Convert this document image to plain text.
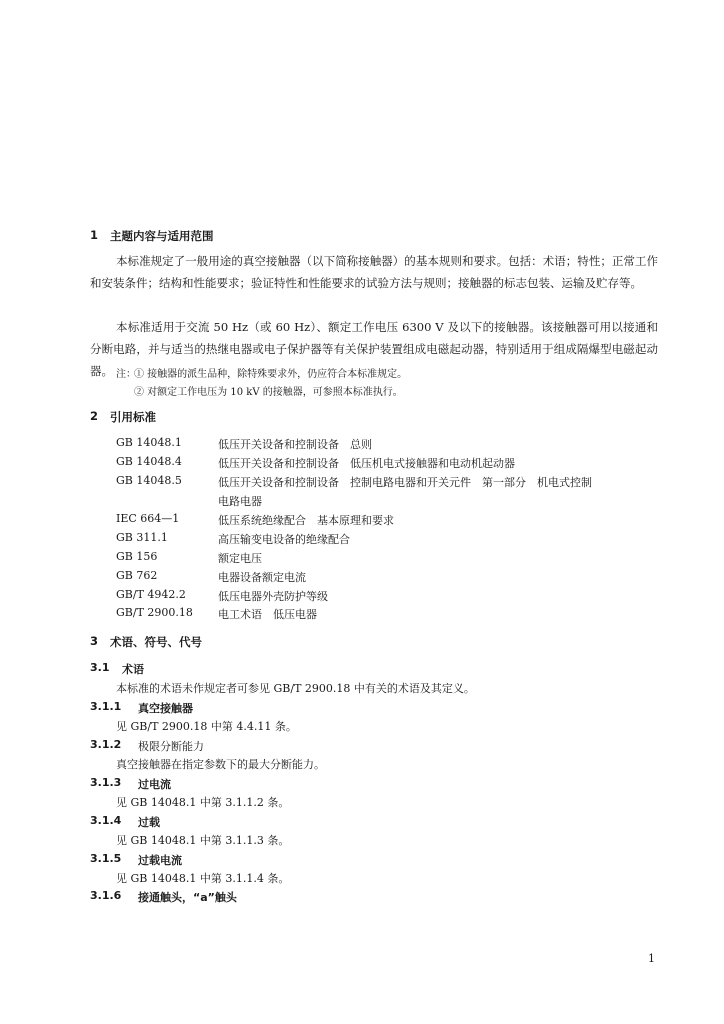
1 主题内容与适用范围
本标准规定了一般用途的真空接触器（以下简称接触器）的基本规则和要求。包括：术语；特性；正常工作和安装条件；结构和性能要求；验证特性和性能要求的试验方法与规则；接触器的标志包装、运输及贮存等。
本标准适用于交流 50 Hz（或 60 Hz）、额定工作电压 6300 V 及以下的接触器。该接触器可用以接通和分断电路，并与适当的热继电器或电子保护器等有关保护装置组成电磁起动器，特别适用于组成隔爆型电磁起动器。 注：
① 接触器的派生品种，除特殊要求外，仍应符合本标准规定。
② 对额定工作电压为 10 kV 的接触器，可参照本标准执行。
2 引用标准
GB 14048.1	低压开关设备和控制设备　总则
GB 14048.4	低压开关设备和控制设备　低压机电式接触器和电动机起动器
GB 14048.5	低压开关设备和控制设备　控制电路电器和开关元件　第一部分　机电式控制
电路电器
IEC 664—1	低压系统绝缘配合　基本原理和要求
GB 311.1	高压输变电设备的绝缘配合
GB 156	额定电压
GB 762	电器设备额定电流
GB/T 4942.2	低压电器外壳防护等级
GB/T 2900.18 电工术语　低压电器
3 术语、符号、代号
3.1 术语
本标准的术语未作规定者可参见 GB/T 2900.18 中有关的术语及其定义。
3.1.1 真空接触器
见 GB/T 2900.18 中第 4.4.11 条。
3.1.2 极限分断能力
真空接触器在指定参数下的最大分断能力。
3.1.3 过电流
见 GB 14048.1 中第 3.1.1.2 条。
3.1.4 过载
见 GB 14048.1 中第 3.1.1.3 条。
3.1.5 过载电流
见 GB 14048.1 中第 3.1.1.4 条。
3.1.6 接通触头，“a”触头
1
